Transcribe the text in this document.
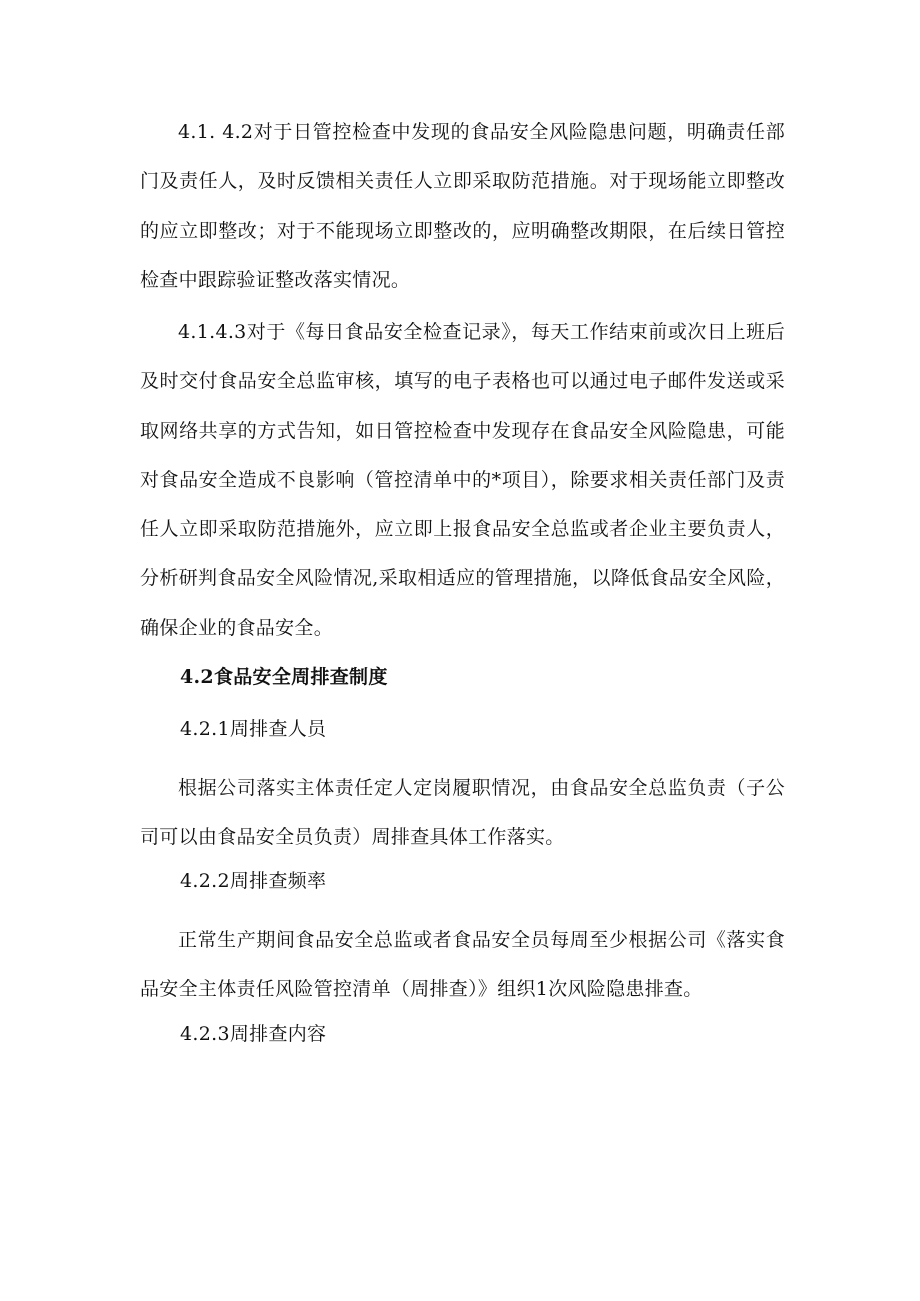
4.1. 4.2对于日管控检查中发现的食品安全风险隐患问题，明确责任部门及责任人，及时反馈相关责任人立即采取防范措施。对于现场能立即整改的应立即整改；对于不能现场立即整改的，应明确整改期限，在后续日管控检查中跟踪验证整改落实情况。

4.1.4.3对于《每日食品安全检查记录》，每天工作结束前或次日上班后及时交付食品安全总监审核，填写的电子表格也可以通过电子邮件发送或采取网络共享的方式告知，如日管控检查中发现存在食品安全风险隐患，可能对食品安全造成不良影响（管控清单中的*项目），除要求相关责任部门及责任人立即采取防范措施外，应立即上报食品安全总监或者企业主要负责人，分析研判食品安全风险情况,采取相适应的管理措施，以降低食品安全风险，确保企业的食品安全。

4.2食品安全周排查制度

4.2.1周排查人员

根据公司落实主体责任定人定岗履职情况，由食品安全总监负责（子公司可以由食品安全员负责）周排查具体工作落实。

4.2.2周排查频率

正常生产期间食品安全总监或者食品安全员每周至少根据公司《落实食品安全主体责任风险管控清单（周排查）》组织1次风险隐患排查。

4.2.3周排查内容
